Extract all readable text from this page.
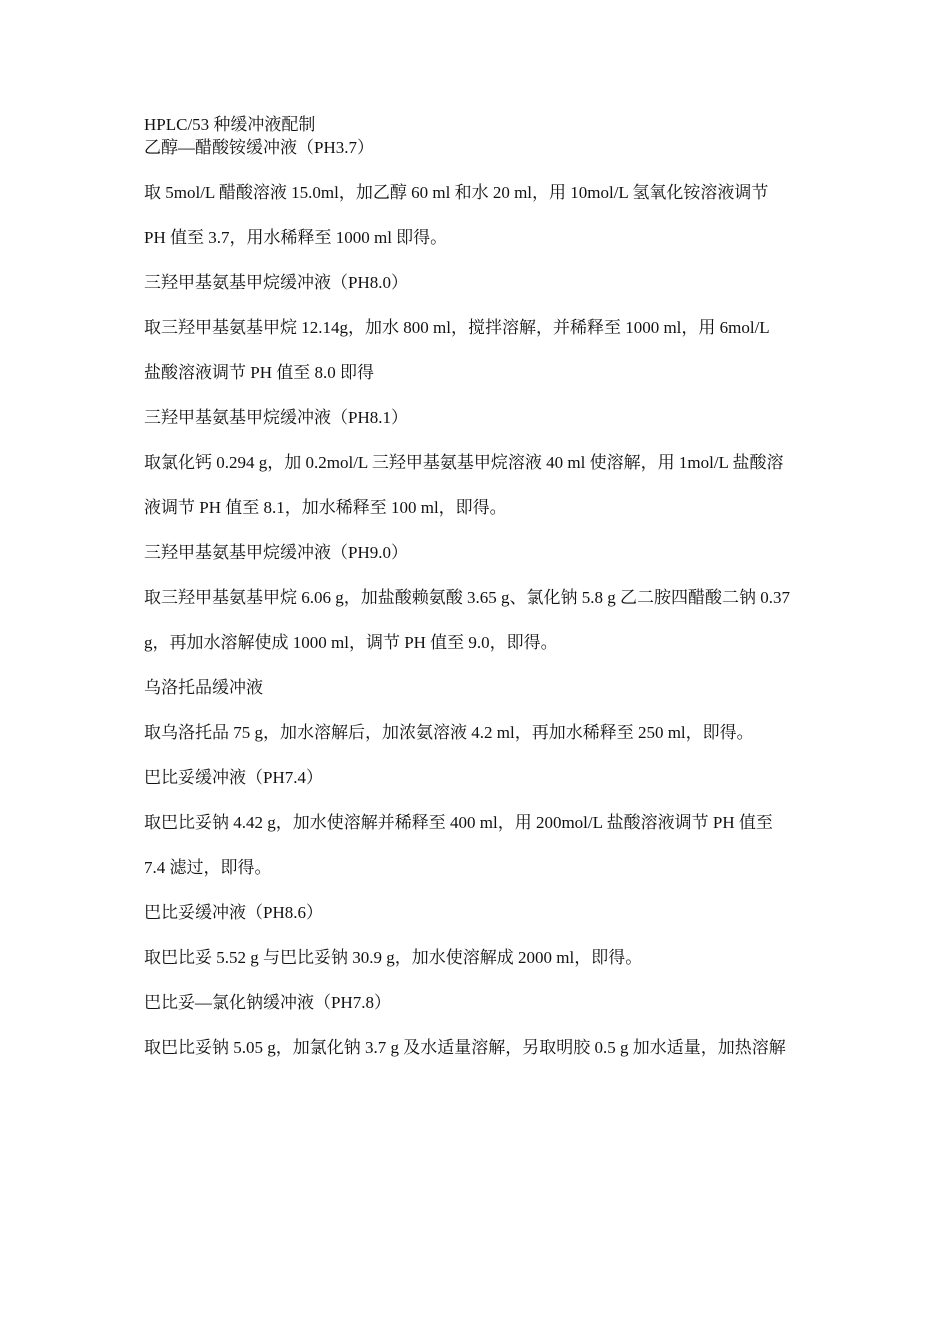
HPLC/53 种缓冲液配制

乙醇—醋酸铵缓冲液（PH3.7）

取 5mol/L 醋酸溶液 15.0ml，加乙醇 60 ml 和水 20 ml，用 10mol/L 氢氧化铵溶液调节

PH 值至 3.7，用水稀释至 1000 ml 即得。

三羟甲基氨基甲烷缓冲液（PH8.0）

取三羟甲基氨基甲烷 12.14g，加水 800 ml，搅拌溶解，并稀释至 1000 ml，用 6mol/L

盐酸溶液调节 PH 值至 8.0 即得

三羟甲基氨基甲烷缓冲液（PH8.1）

取氯化钙 0.294 g，加 0.2mol/L 三羟甲基氨基甲烷溶液 40 ml 使溶解，用 1mol/L 盐酸溶

液调节 PH 值至 8.1，加水稀释至 100 ml，即得。

三羟甲基氨基甲烷缓冲液（PH9.0）

取三羟甲基氨基甲烷 6.06 g，加盐酸赖氨酸 3.65 g、氯化钠 5.8 g 乙二胺四醋酸二钠 0.37

g，再加水溶解使成 1000 ml，调节 PH 值至 9.0，即得。

乌洛托品缓冲液

取乌洛托品 75 g，加水溶解后，加浓氨溶液 4.2 ml，再加水稀释至 250 ml，即得。

巴比妥缓冲液（PH7.4）

取巴比妥钠 4.42 g，加水使溶解并稀释至 400 ml，用 200mol/L 盐酸溶液调节 PH 值至

7.4 滤过，即得。

巴比妥缓冲液（PH8.6）

取巴比妥 5.52 g 与巴比妥钠 30.9 g，加水使溶解成 2000 ml，即得。

巴比妥—氯化钠缓冲液（PH7.8）

取巴比妥钠 5.05 g，加氯化钠 3.7 g 及水适量溶解，另取明胶 0.5 g 加水适量，加热溶解
